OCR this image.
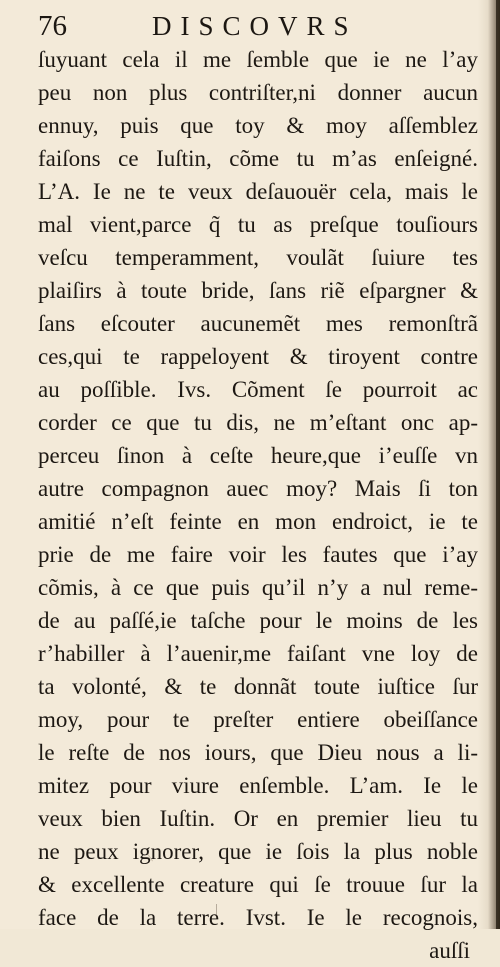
76	DISCOVRS
ſuyuant cela il me ſemble que ie ne l’ay
peu non plus contriſter,ni donner aucun
ennuy, puis que toy & moy aſſemblez
faiſons ce Iuſtin, cõme tu m’as enſeigné.
L’A. Ie ne te veux deſauouër cela, mais le
mal vient,parce q̃ tu as preſque touſiours
veſcu temperamment, voulãt ſuiure tes
plaiſirs à toute bride, ſans riẽ eſpargner &
ſans eſcouter aucunemẽt mes remonſtrã
ces,qui te rappeloyent & tiroyent contre
au poſſible. Ivs. Cõment ſe pourroit ac
corder ce que tu dis, ne m’eſtant onc ap-
perceu ſinon à ceſte heure,que i’euſſe vn
autre compagnon auec moy? Mais ſi ton
amitié n’eſt feinte en mon endroict, ie te
prie de me faire voir les fautes que i’ay
cõmis, à ce que puis qu’il n’y a nul reme-
de au paſſé,ie taſche pour le moins de les
r’habiller à l’auenir,me faiſant vne loy de
ta volonté, & te donnãt toute iuſtice ſur
moy, pour te preſter entiere obeiſſance
le reſte de nos iours, que Dieu nous a li-
mitez pour viure enſemble. L’am. Ie le
veux bien Iuſtin. Or en premier lieu tu
ne peux ignorer, que ie ſois la plus noble
& excellente creature qui ſe trouue ſur la
face de la terre. Ivst. Ie le recognois,
auſſi
